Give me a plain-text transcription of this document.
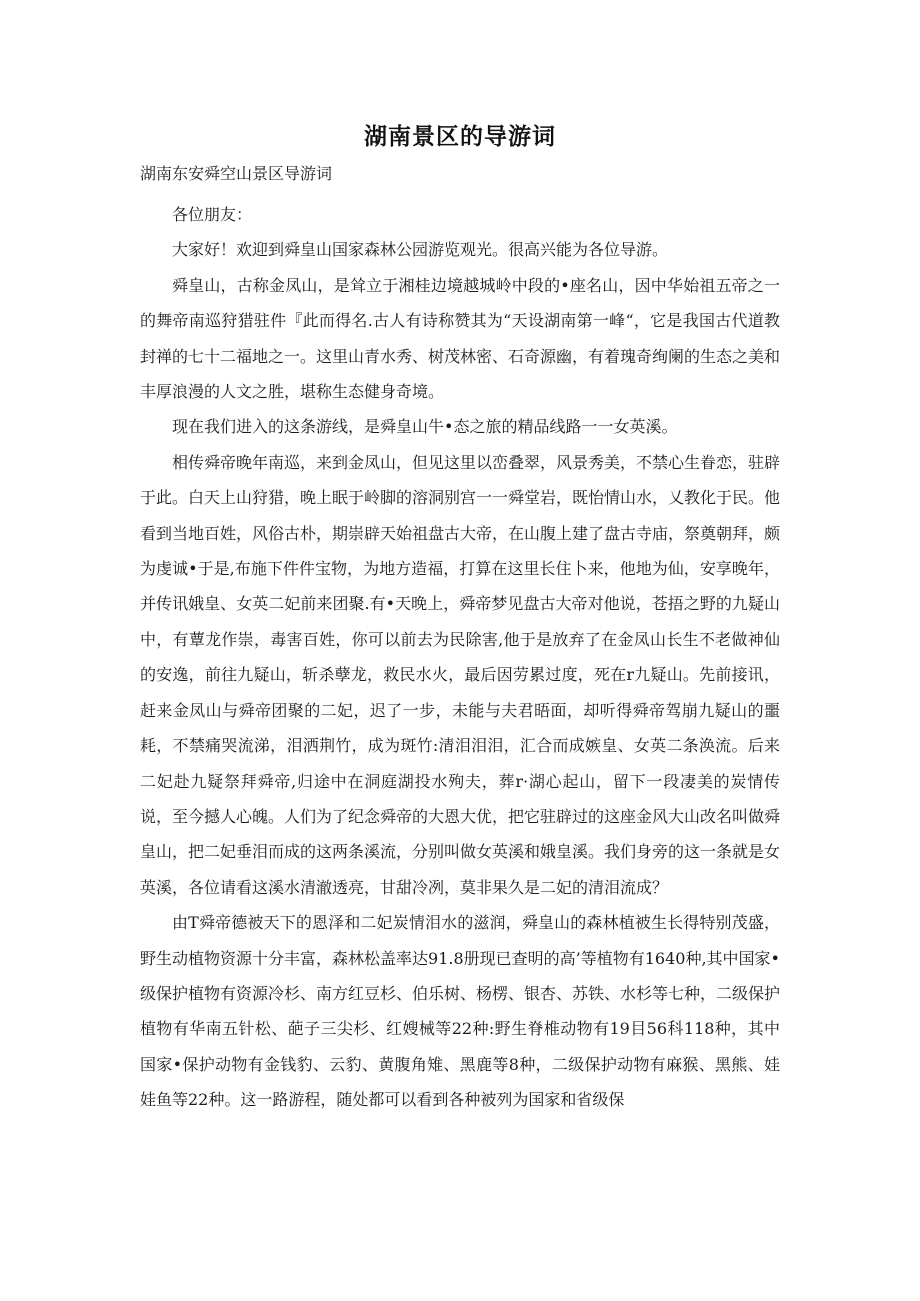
湖南景区的导游词
湖南东安舜空山景区导游词

各位朋友：

大家好！欢迎到舜皇山国家森林公园游览观光。很高兴能为各位导游。

舜皇山，古称金凤山，是耸立于湘桂边境越城岭中段的•座名山，因中华始祖五帝之一的舞帝南巡狩猎驻件『此而得名.古人有诗称赞其为“天设湖南第一峰“，它是我国古代道教封禅的七十二福地之一。这里山青水秀、树茂林密、石奇源幽，有着瑰奇绚阑的生态之美和丰厚浪漫的人文之胜，堪称生态健身奇境。

现在我们进入的这条游线，是舜皇山牛•态之旅的精品线路一一女英溪。

相传舜帝晚年南巡，来到金凤山，但见这里以峦叠翠，风景秀美，不禁心生眷恋，驻辟于此。白天上山狩猎，晚上眠于岭脚的溶洞别宫一一舜堂岩，既怡情山水，乂教化于民。他看到当地百姓，风俗古朴，期崇辟天始祖盘古大帝，在山腹上建了盘古寺庙，祭奠朝拜，颇为虔诚•于是,布施下件件宝物，为地方造福，打算在这里长住卜来，他地为仙，安享晚年，并传讯娥皇、女英二妃前来团聚.有•天晚上，舜帝梦见盘古大帝对他说，苍捂之野的九疑山中，有蕈龙作崇，毒害百姓，你可以前去为民除害,他于是放弃了在金凤山长生不老做神仙的安逸，前往九疑山，斩杀孽龙，救民水火，最后因劳累过度，死在r九疑山。先前接讯，赶来金凤山与舜帝团聚的二妃，迟了一步，未能与夫君晤面，却听得舜帝驾崩九疑山的噩耗，不禁痛哭流涕，泪洒荆竹，成为斑竹:清泪泪泪，汇合而成嫉皇、女英二条涣流。后来二妃赴九疑祭拜舜帝,归途中在洞庭湖投水殉夫，葬r·湖心起山，留下一段凄美的炭情传说，至今撼人心魄。人们为了纪念舜帝的大恩大优，把它驻辟过的这座金风大山改名叫做舜皇山，把二妃垂泪而成的这两条溪流，分别叫做女英溪和娥皇溪。我们身旁的这一条就是女英溪，各位请看这溪水清澈透亮，甘甜冷冽，莫非果久是二妃的清泪流成？

由T舜帝德被天下的恩泽和二妃炭情泪水的滋润，舜皇山的森林植被生长得特别茂盛，野生动植物资源十分丰富，森林松盖率达91.8册现已查明的高’等植物有1640种,其中国家•级保护植物有资源冷杉、南方红豆杉、伯乐树、杨楞、银杏、苏铁、水杉等七种，二级保护植物有华南五针松、葩子三尖杉、红嫂械等22种:野生脊椎动物有19目56科118种，其中国家•保护动物有金钱豹、云豹、黄腹角雉、黑鹿等8种，二级保护动物有麻猴、黑熊、娃娃鱼等22种。这一路游程，随处都可以看到各种被列为国家和省级保
